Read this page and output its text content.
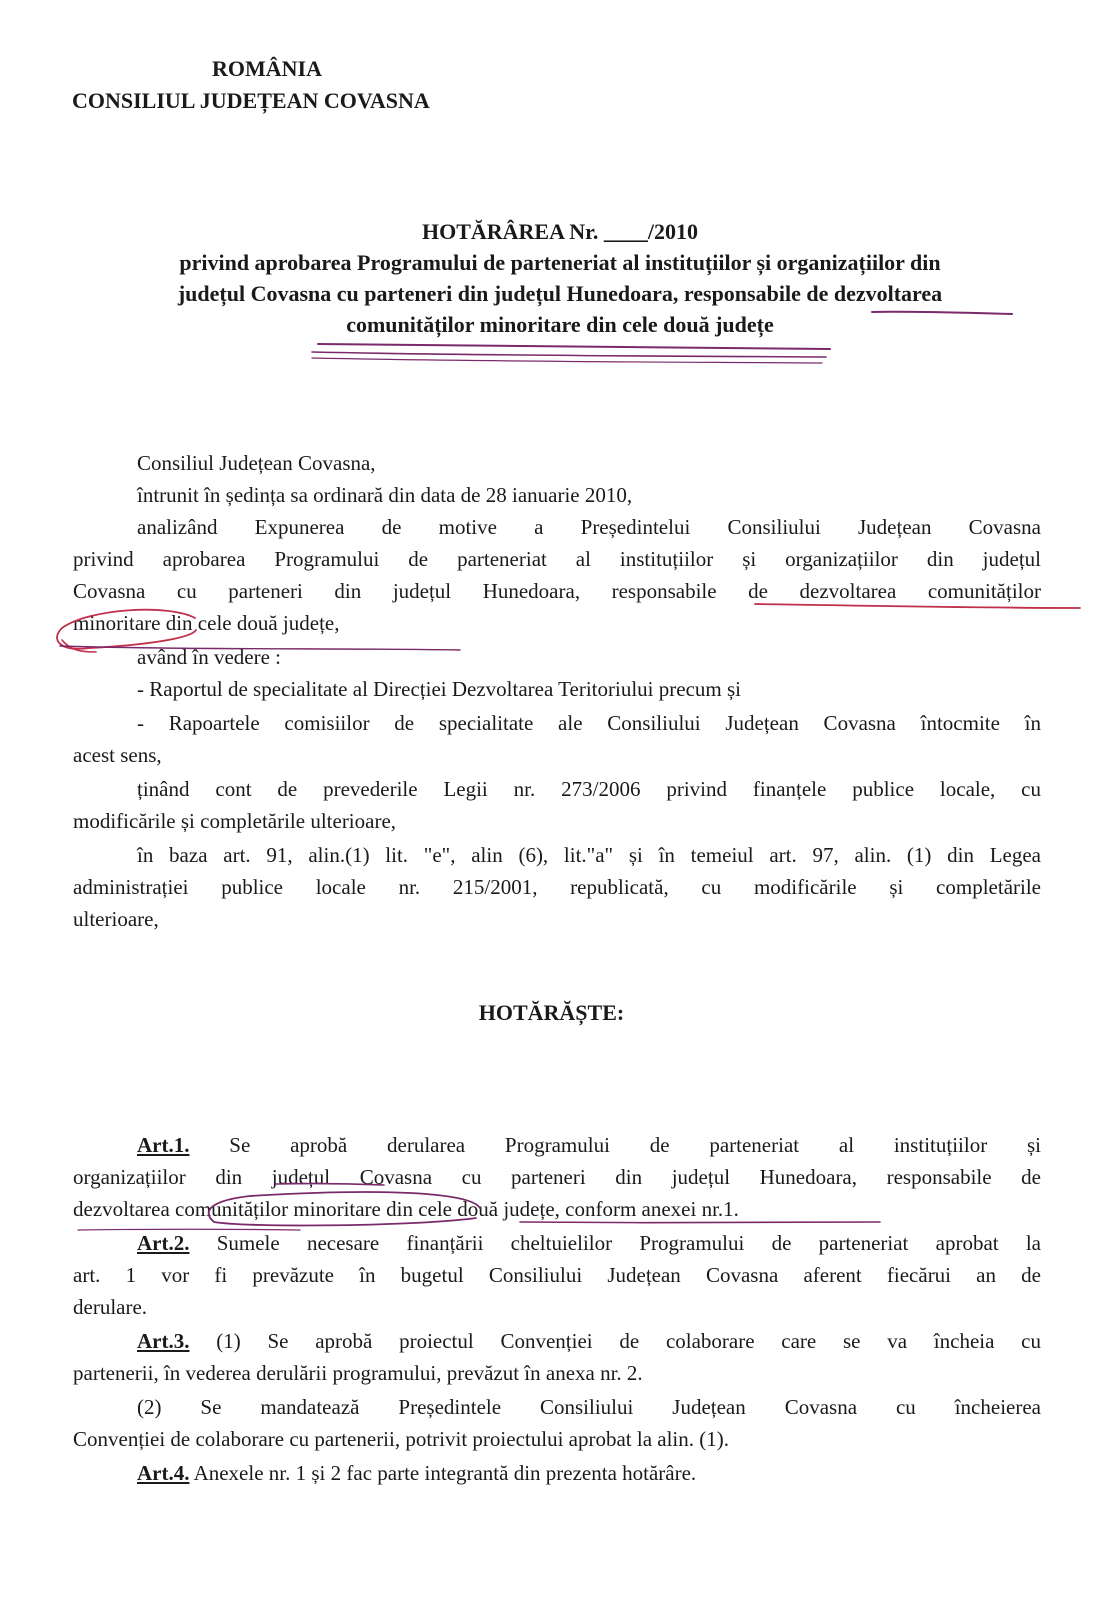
ROMÂNIA
CONSILIUL JUDEȚEAN COVASNA
HOTĂRÂREA Nr. ____/2010
privind aprobarea Programului de parteneriat al instituțiilor și organizațiilor din
județul Covasna cu parteneri din județul Hunedoara, responsabile de dezvoltarea
comunităților minoritare din cele două județe
Consiliul Județean Covasna,
întrunit în ședința sa ordinară din data de 28 ianuarie 2010,
analizând Expunerea de motive a Președintelui Consiliului Județean Covasna
privind aprobarea Programului de parteneriat al instituțiilor și organizațiilor din județul
Covasna cu parteneri din județul Hunedoara, responsabile de dezvoltarea comunităților
minoritare din cele două județe,
având în vedere :
- Raportul de specialitate al Direcției Dezvoltarea Teritoriului precum și
- Rapoartele comisiilor de specialitate ale Consiliului Județean Covasna întocmite în
acest sens,
ținând cont de prevederile Legii nr. 273/2006 privind finanțele publice locale, cu
modificările și completările ulterioare,
în baza art. 91, alin.(1) lit. "e", alin (6), lit."a" și în temeiul art. 97, alin. (1) din Legea
administrației publice locale nr. 215/2001, republicată, cu modificările și completările
ulterioare,
HOTĂRĂȘTE:
Art.1. Se aprobă derularea Programului de parteneriat al instituțiilor și
organizațiilor din județul Covasna cu parteneri din județul Hunedoara, responsabile de
dezvoltarea comunităților minoritare din cele două județe, conform anexei nr.1.
Art.2. Sumele necesare finanțării cheltuielilor Programului de parteneriat aprobat la
art. 1 vor fi prevăzute în bugetul Consiliului Județean Covasna aferent fiecărui an de
derulare.
Art.3. (1) Se aprobă proiectul Convenției de colaborare care se va încheia cu
partenerii, în vederea derulării programului, prevăzut în anexa nr. 2.
(2) Se mandatează Președintele Consiliului Județean Covasna cu încheierea
Convenției de colaborare cu partenerii, potrivit proiectului aprobat la alin. (1).
Art.4. Anexele nr. 1 și 2 fac parte integrantă din prezenta hotărâre.
